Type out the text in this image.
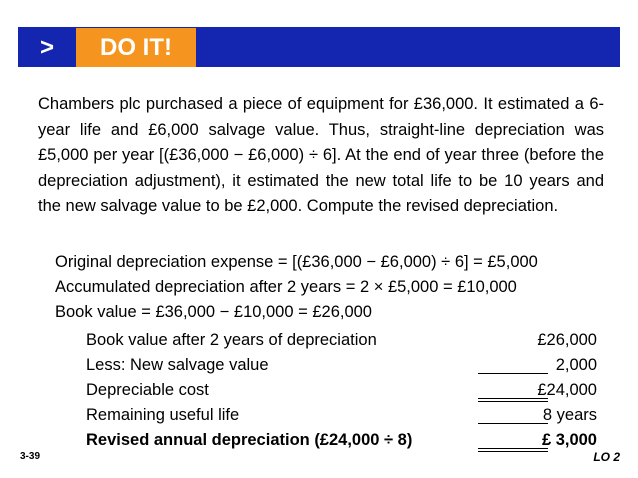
>	DO IT!
Chambers plc purchased a piece of equipment for £36,000. It estimated a 6-year life and £6,000 salvage value. Thus, straight-line depreciation was £5,000 per year [(£36,000 − £6,000) ÷ 6]. At the end of year three (before the depreciation adjustment), it estimated the new total life to be 10 years and the new salvage value to be £2,000. Compute the revised depreciation.
Original depreciation expense = [(£36,000 − £6,000) ÷ 6] = £5,000
Accumulated depreciation after 2 years = 2 × £5,000 = £10,000
Book value = £36,000 − £10,000 = £26,000
Book value after 2 years of depreciation	£26,000
Less: New salvage value	2,000
Depreciable cost	£24,000
Remaining useful life	8 years
Revised annual depreciation (£24,000 ÷ 8)	£ 3,000
3-39	LO 2
